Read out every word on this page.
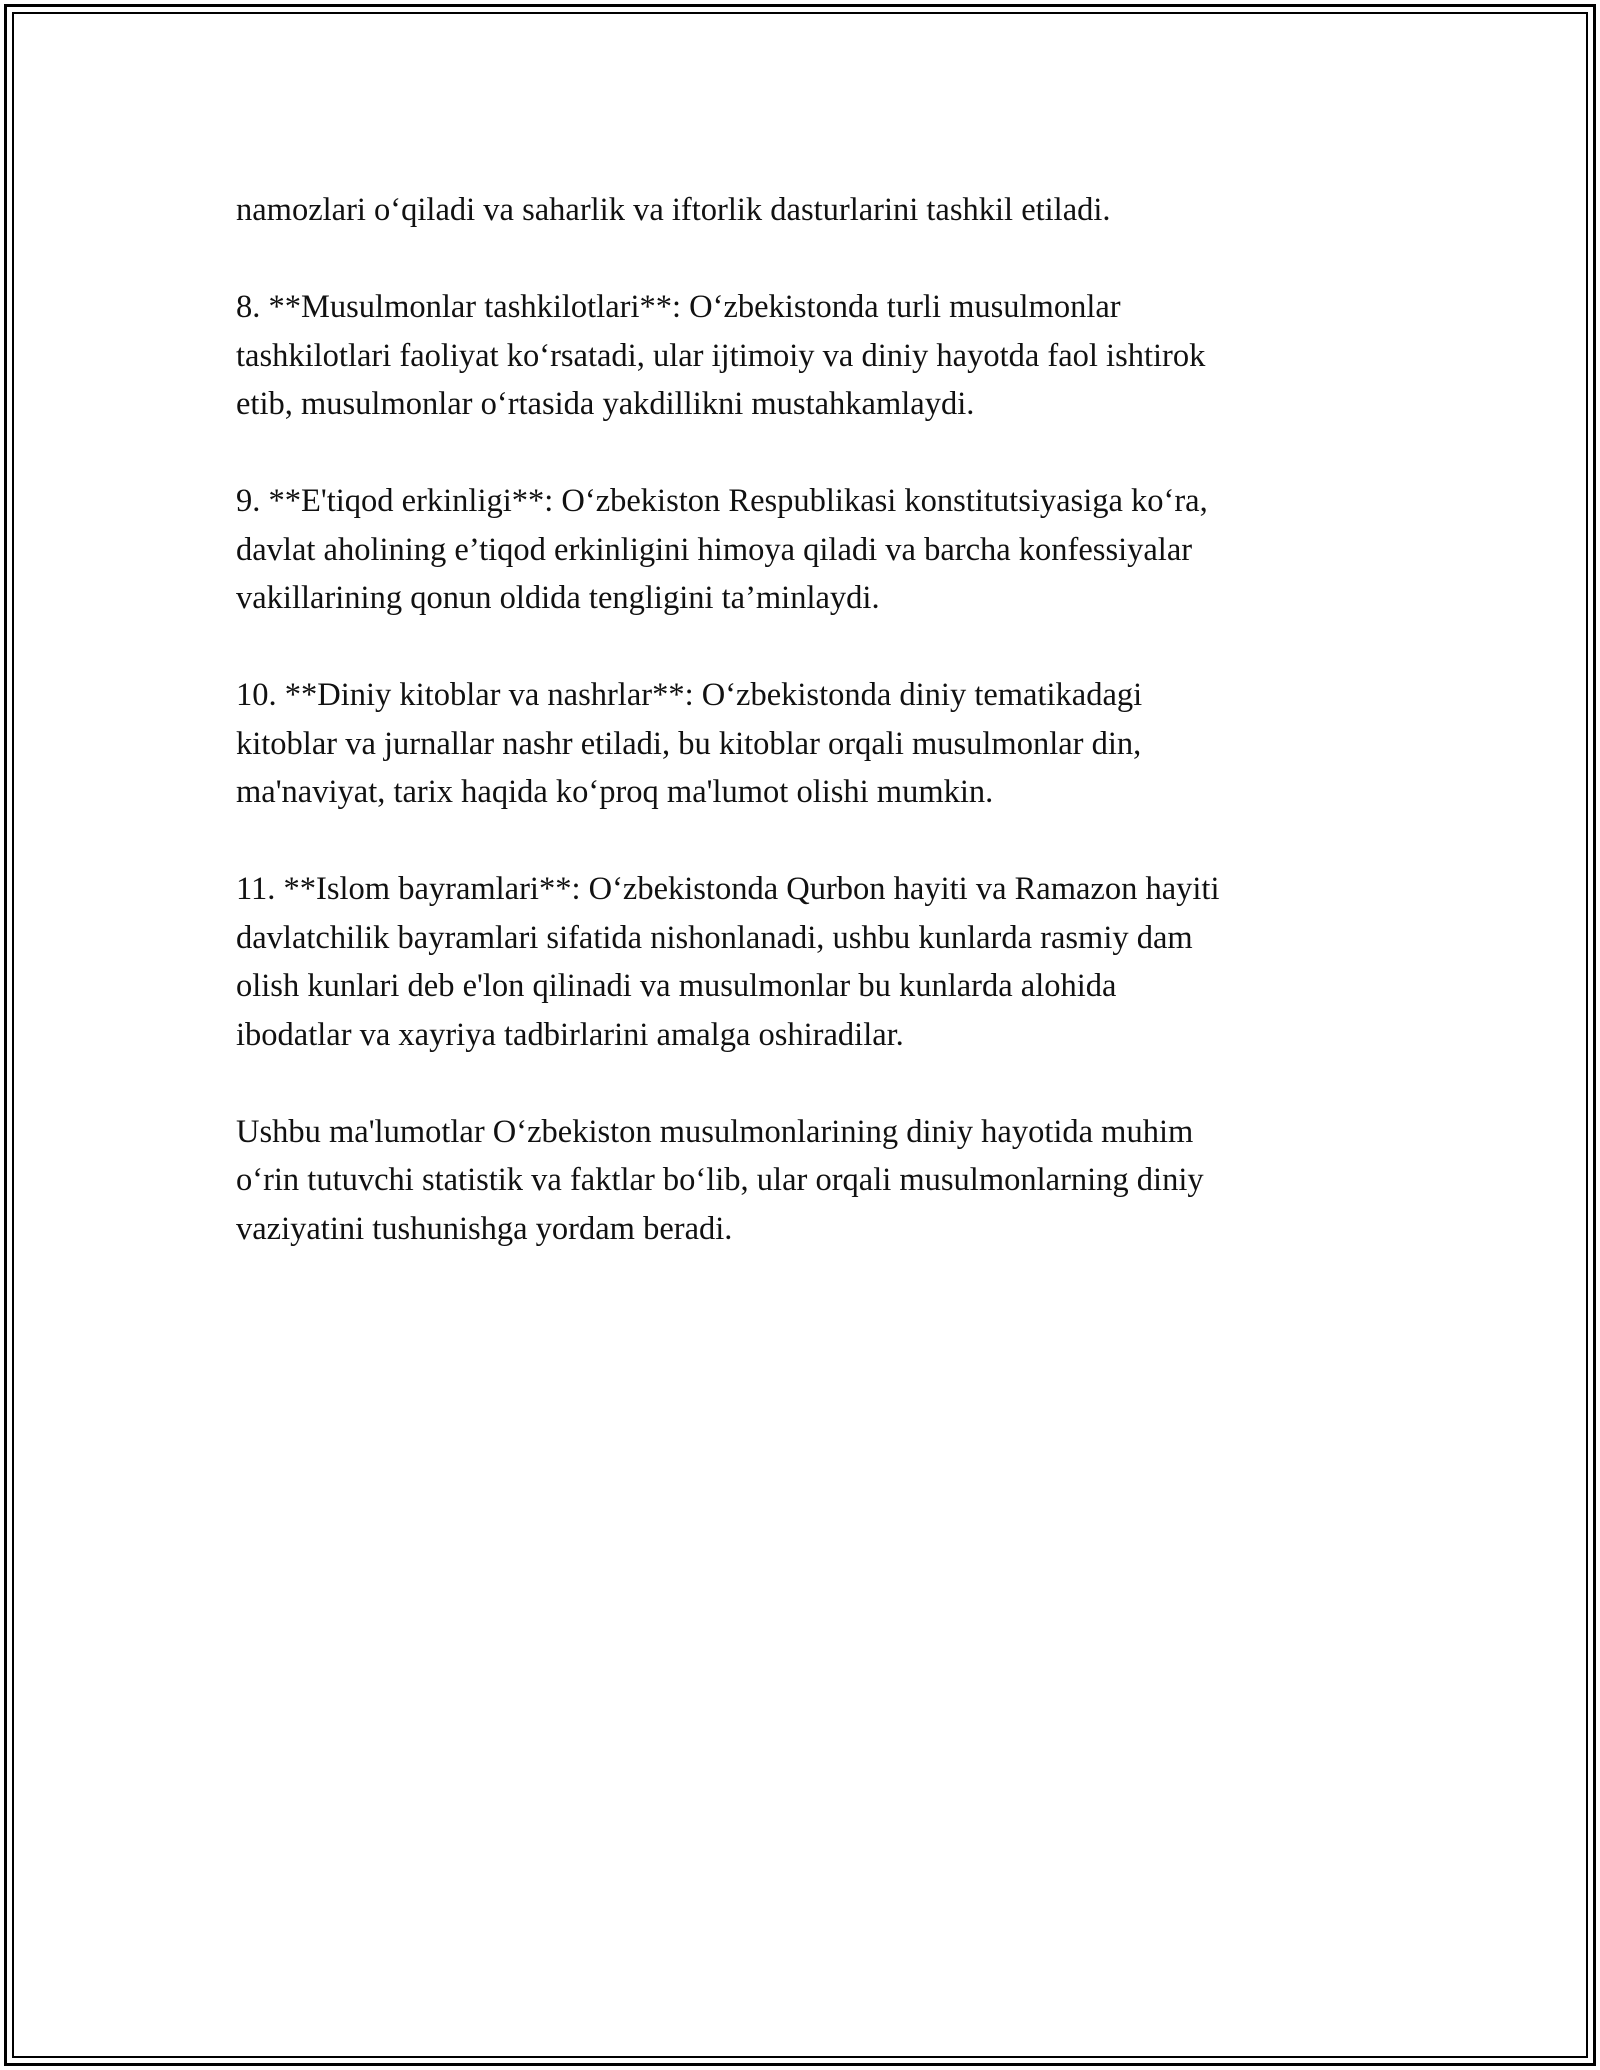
namozlari o‘qiladi va saharlik va iftorlik dasturlarini tashkil etiladi.

8. **Musulmonlar tashkilotlari**: O‘zbekistonda turli musulmonlar
tashkilotlari faoliyat ko‘rsatadi, ular ijtimoiy va diniy hayotda faol ishtirok
etib, musulmonlar o‘rtasida yakdillikni mustahkamlaydi.

9. **E'tiqod erkinligi**: O‘zbekiston Respublikasi konstitutsiyasiga ko‘ra,
davlat aholining e’tiqod erkinligini himoya qiladi va barcha konfessiyalar
vakillarining qonun oldida tengligini ta’minlaydi.

10. **Diniy kitoblar va nashrlar**: O‘zbekistonda diniy tematikadagi
kitoblar va jurnallar nashr etiladi, bu kitoblar orqali musulmonlar din,
ma'naviyat, tarix haqida ko‘proq ma'lumot olishi mumkin.

11. **Islom bayramlari**: O‘zbekistonda Qurbon hayiti va Ramazon hayiti
davlatchilik bayramlari sifatida nishonlanadi, ushbu kunlarda rasmiy dam
olish kunlari deb e'lon qilinadi va musulmonlar bu kunlarda alohida
ibodatlar va xayriya tadbirlarini amalga oshiradilar.

Ushbu ma'lumotlar O‘zbekiston musulmonlarining diniy hayotida muhim
o‘rin tutuvchi statistik va faktlar bo‘lib, ular orqali musulmonlarning diniy
vaziyatini tushunishga yordam beradi.
